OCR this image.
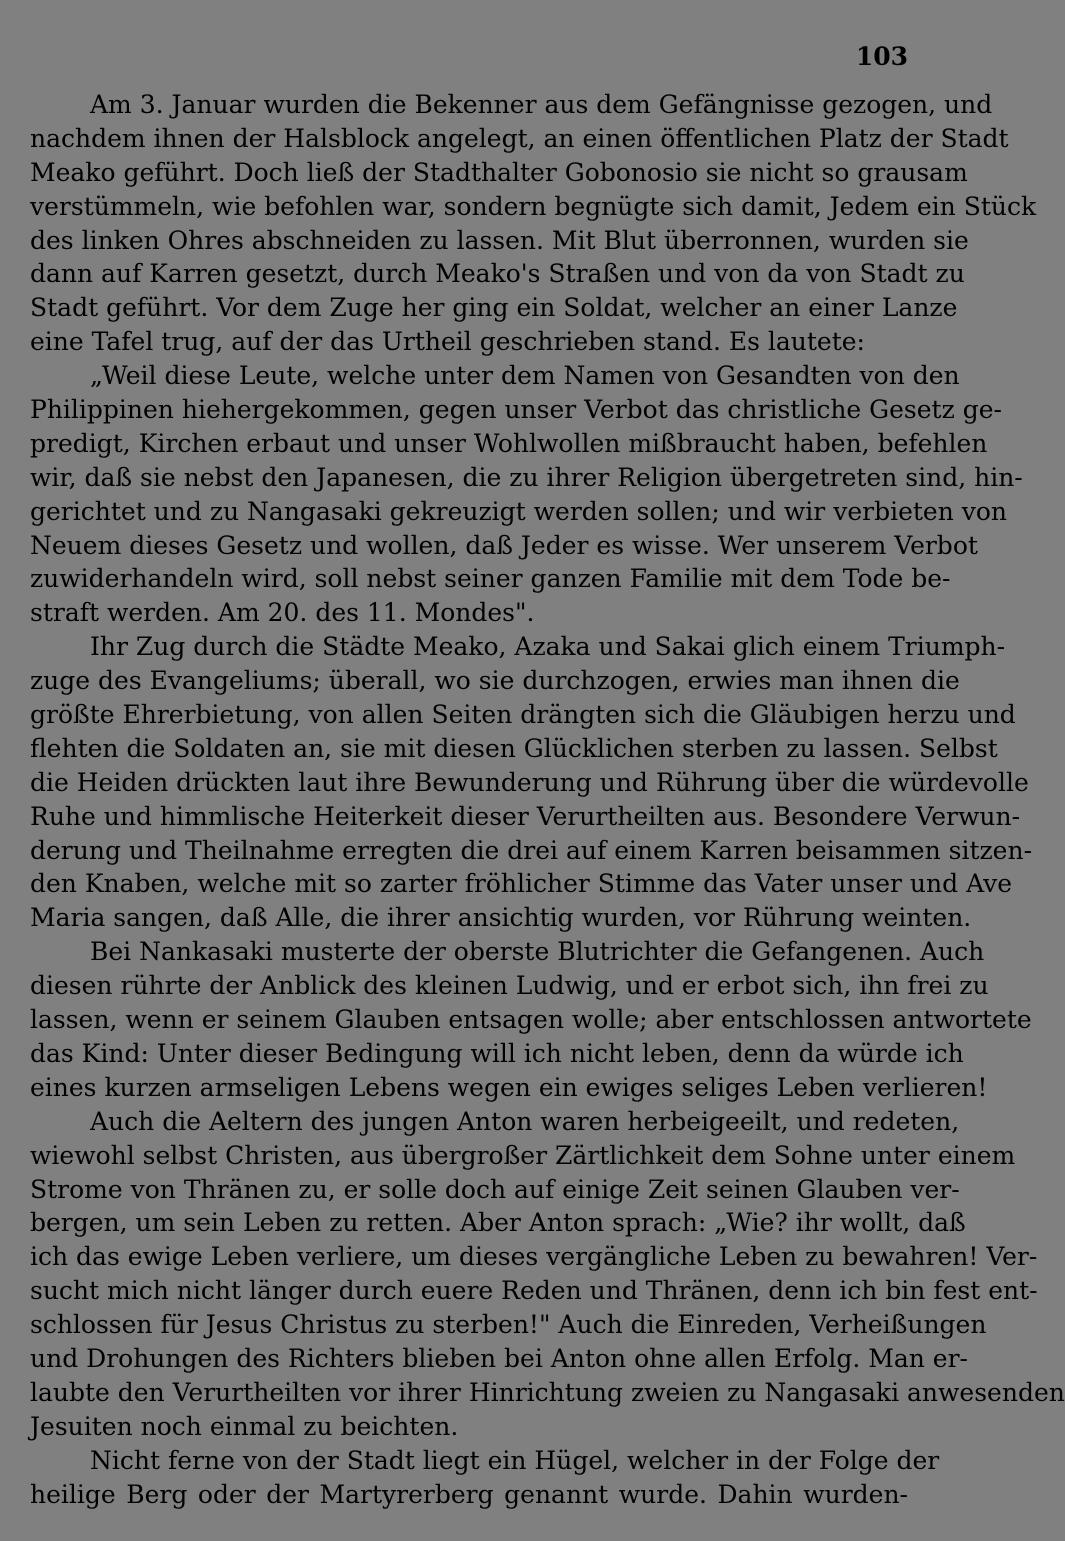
103
Am 3. Januar wurden die Bekenner aus dem Gefängnisse gezogen, und
nachdem ihnen der Halsblock angelegt, an einen öffentlichen Platz der Stadt
Meako geführt. Doch ließ der Stadthalter Gobonosio sie nicht so grausam
verstümmeln, wie befohlen war, sondern begnügte sich damit, Jedem ein Stück
des linken Ohres abschneiden zu lassen. Mit Blut überronnen, wurden sie
dann auf Karren gesetzt, durch Meako's Straßen und von da von Stadt zu
Stadt geführt. Vor dem Zuge her ging ein Soldat, welcher an einer Lanze
eine Tafel trug, auf der das Urtheil geschrieben stand. Es lautete:
„Weil diese Leute, welche unter dem Namen von Gesandten von den
Philippinen hiehergekommen, gegen unser Verbot das christliche Gesetz ge-
predigt, Kirchen erbaut und unser Wohlwollen mißbraucht haben, befehlen
wir, daß sie nebst den Japanesen, die zu ihrer Religion übergetreten sind, hin-
gerichtet und zu Nangasaki gekreuzigt werden sollen; und wir verbieten von
Neuem dieses Gesetz und wollen, daß Jeder es wisse. Wer unserem Verbot
zuwiderhandeln wird, soll nebst seiner ganzen Familie mit dem Tode be-
straft werden. Am 20. des 11. Mondes".
Ihr Zug durch die Städte Meako, Azaka und Sakai glich einem Triumph-
zuge des Evangeliums; überall, wo sie durchzogen, erwies man ihnen die
größte Ehrerbietung, von allen Seiten drängten sich die Gläubigen herzu und
flehten die Soldaten an, sie mit diesen Glücklichen sterben zu lassen. Selbst
die Heiden drückten laut ihre Bewunderung und Rührung über die würdevolle
Ruhe und himmlische Heiterkeit dieser Verurtheilten aus. Besondere Verwun-
derung und Theilnahme erregten die drei auf einem Karren beisammen sitzen-
den Knaben, welche mit so zarter fröhlicher Stimme das Vater unser und Ave
Maria sangen, daß Alle, die ihrer ansichtig wurden, vor Rührung weinten.
Bei Nankasaki musterte der oberste Blutrichter die Gefangenen. Auch
diesen rührte der Anblick des kleinen Ludwig, und er erbot sich, ihn frei zu
lassen, wenn er seinem Glauben entsagen wolle; aber entschlossen antwortete
das Kind: Unter dieser Bedingung will ich nicht leben, denn da würde ich
eines kurzen armseligen Lebens wegen ein ewiges seliges Leben verlieren!
Auch die Aeltern des jungen Anton waren herbeigeeilt, und redeten,
wiewohl selbst Christen, aus übergroßer Zärtlichkeit dem Sohne unter einem
Strome von Thränen zu, er solle doch auf einige Zeit seinen Glauben ver-
bergen, um sein Leben zu retten. Aber Anton sprach: „Wie? ihr wollt, daß
ich das ewige Leben verliere, um dieses vergängliche Leben zu bewahren! Ver-
sucht mich nicht länger durch euere Reden und Thränen, denn ich bin fest ent-
schlossen für Jesus Christus zu sterben!" Auch die Einreden, Verheißungen
und Drohungen des Richters blieben bei Anton ohne allen Erfolg. Man er-
laubte den Verurtheilten vor ihrer Hinrichtung zweien zu Nangasaki anwesenden
Jesuiten noch einmal zu beichten.
Nicht ferne von der Stadt liegt ein Hügel, welcher in der Folge der
heilige Berg oder der Martyrerberg genannt wurde. Dahin wurden-
